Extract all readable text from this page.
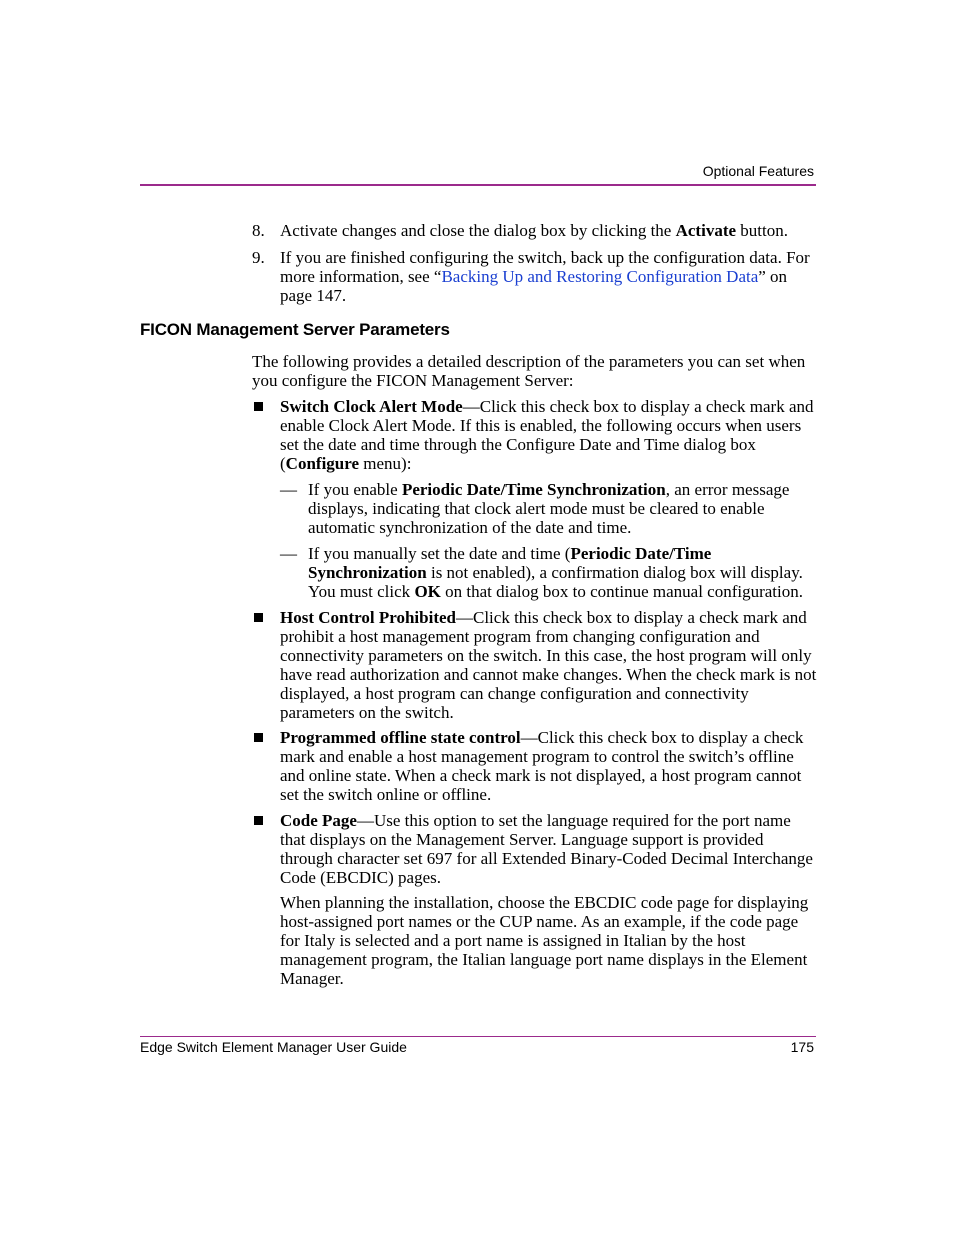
Optional Features
8. Activate changes and close the dialog box by clicking the Activate button.

9. If you are finished configuring the switch, back up the configuration data. For more information, see “Backing Up and Restoring Configuration Data” on page 147.

FICON Management Server Parameters

The following provides a detailed description of the parameters you can set when you configure the FICON Management Server:

Switch Clock Alert Mode—Click this check box to display a check mark and enable Clock Alert Mode. If this is enabled, the following occurs when users set the date and time through the Configure Date and Time dialog box (Configure menu):

— If you enable Periodic Date/Time Synchronization, an error message displays, indicating that clock alert mode must be cleared to enable automatic synchronization of the date and time.

— If you manually set the date and time (Periodic Date/Time Synchronization is not enabled), a confirmation dialog box will display. You must click OK on that dialog box to continue manual configuration.

Host Control Prohibited—Click this check box to display a check mark and prohibit a host management program from changing configuration and connectivity parameters on the switch. In this case, the host program will only have read authorization and cannot make changes. When the check mark is not displayed, a host program can change configuration and connectivity parameters on the switch.

Programmed offline state control—Click this check box to display a check mark and enable a host management program to control the switch’s offline and online state. When a check mark is not displayed, a host program cannot set the switch online or offline.

Code Page—Use this option to set the language required for the port name that displays on the Management Server. Language support is provided through character set 697 for all Extended Binary-Coded Decimal Interchange Code (EBCDIC) pages.

When planning the installation, choose the EBCDIC code page for displaying host-assigned port names or the CUP name. As an example, if the code page for Italy is selected and a port name is assigned in Italian by the host management program, the Italian language port name displays in the Element Manager.

Edge Switch Element Manager User Guide	175
